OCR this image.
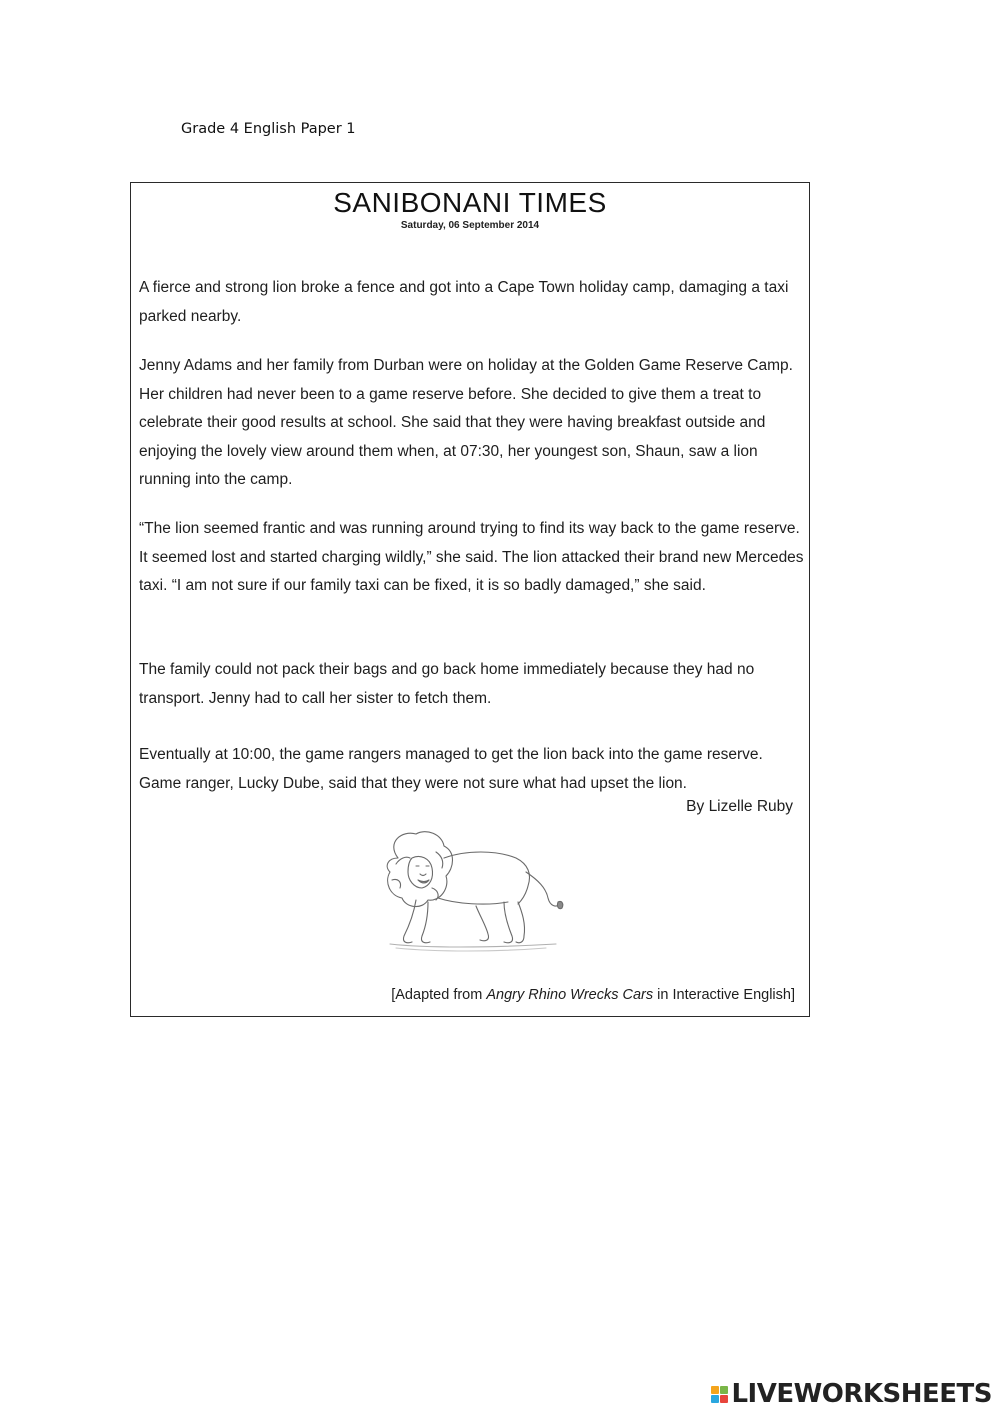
Grade 4 English Paper 1
SANIBONANI TIMES
Saturday, 06 September 2014

A fierce and strong lion broke a fence and got into a Cape Town holiday camp, damaging a taxi parked nearby.

Jenny Adams and her family from Durban were on holiday at the Golden Game Reserve Camp. Her children had never been to a game reserve before. She decided to give them a treat to celebrate their good results at school. She said that they were having breakfast outside and enjoying the lovely view around them when, at 07:30, her youngest son, Shaun, saw a lion running into the camp.

“The lion seemed frantic and was running around trying to find its way back to the game reserve. It seemed lost and started charging wildly,” she said. The lion attacked their brand new Mercedes taxi. “I am not sure if our family taxi can be fixed, it is so badly damaged,” she said.

The family could not pack their bags and go back home immediately because they had no transport. Jenny had to call her sister to fetch them.

Eventually at 10:00, the game rangers managed to get the lion back into the game reserve. Game ranger, Lucky Dube, said that they were not sure what had upset the lion.

By Lizelle Ruby
[Adapted from Angry Rhino Wrecks Cars in Interactive English]
LIVEWORKSHEETS
